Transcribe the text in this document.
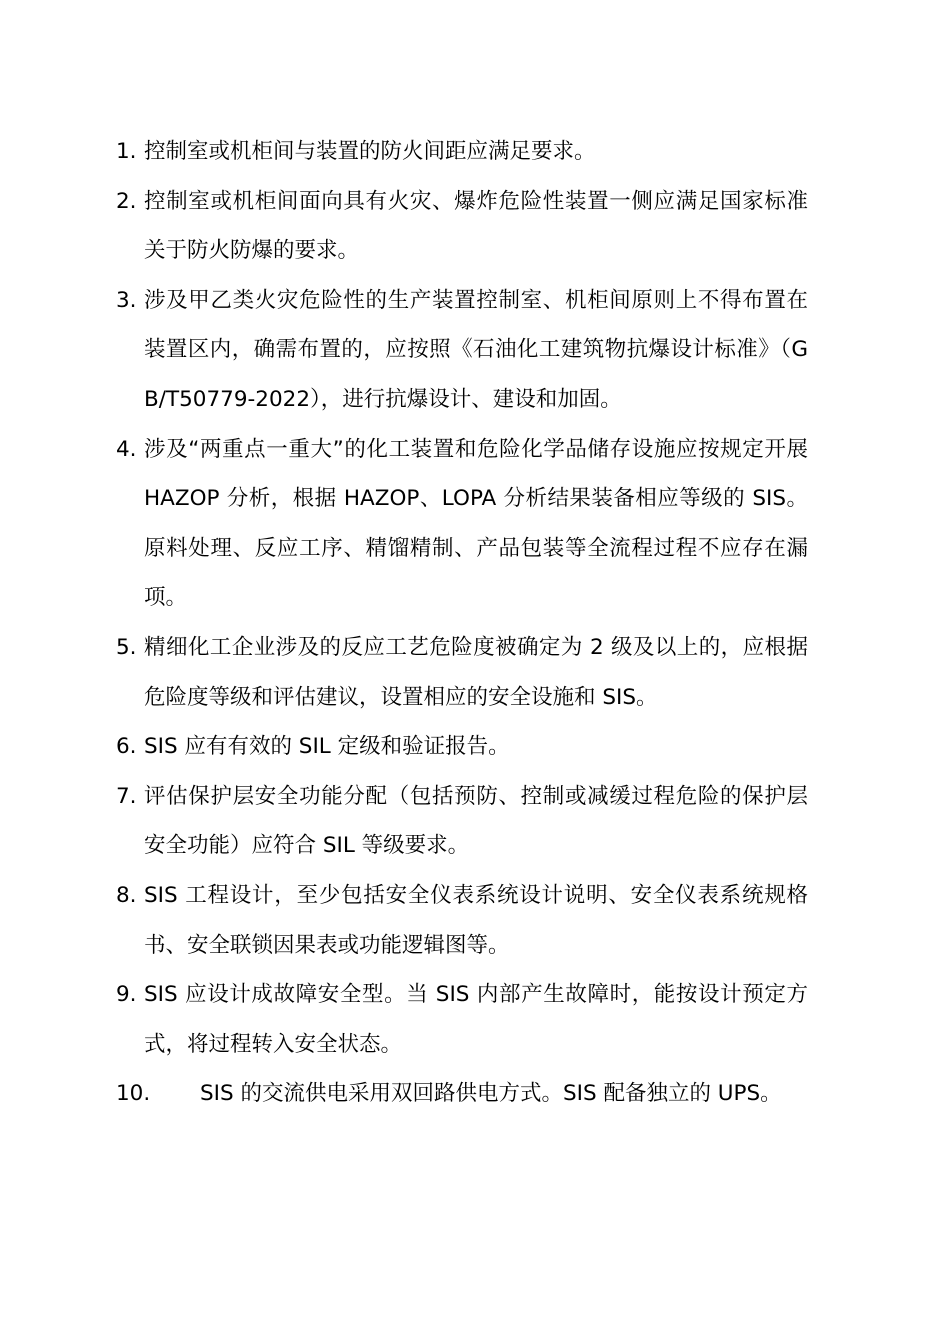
1. 控制室或机柜间与装置的防火间距应满足要求。
2. 控制室或机柜间面向具有火灾、爆炸危险性装置一侧应满足国家标准关于防火防爆的要求。
3. 涉及甲乙类火灾危险性的生产装置控制室、机柜间原则上不得布置在装置区内，确需布置的，应按照《石油化工建筑物抗爆设计标准》（GB/T50779-2022），进行抗爆设计、建设和加固。
4. 涉及“两重点一重大”的化工装置和危险化学品储存设施应按规定开展 HAZOP 分析，根据 HAZOP、LOPA 分析结果装备相应等级的 SIS。原料处理、反应工序、精馏精制、产品包装等全流程过程不应存在漏项。
5. 精细化工企业涉及的反应工艺危险度被确定为 2 级及以上的，应根据危险度等级和评估建议，设置相应的安全设施和 SIS。
6. SIS 应有有效的 SIL 定级和验证报告。
7. 评估保护层安全功能分配（包括预防、控制或减缓过程危险的保护层安全功能）应符合 SIL 等级要求。
8. SIS 工程设计，至少包括安全仪表系统设计说明、安全仪表系统规格书、安全联锁因果表或功能逻辑图等。
9. SIS 应设计成故障安全型。当 SIS 内部产生故障时，能按设计预定方式，将过程转入安全状态。
10.	SIS 的交流供电采用双回路供电方式。SIS 配备独立的 UPS。
